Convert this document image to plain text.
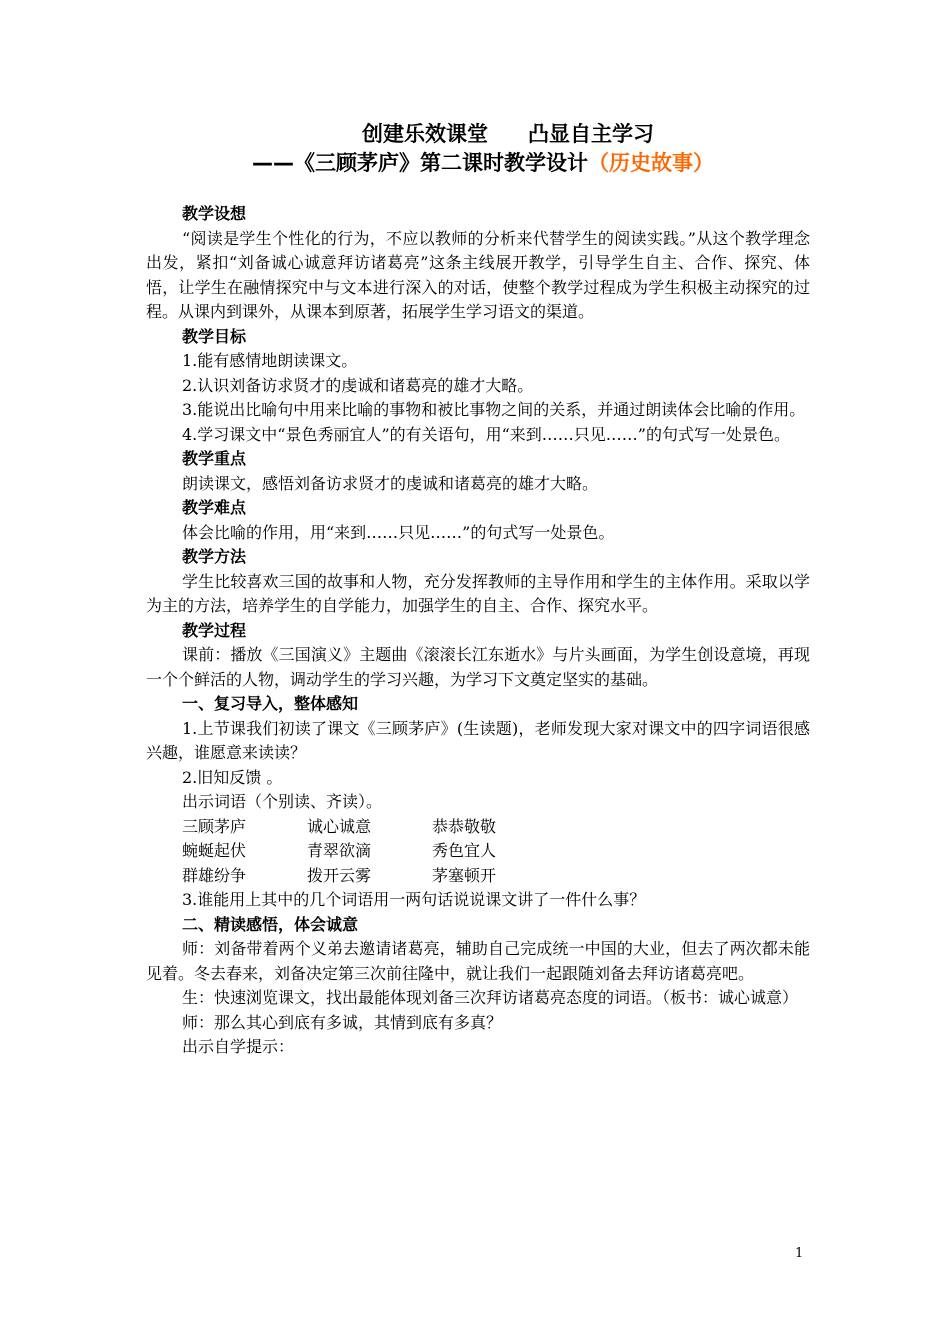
创建乐效课堂 凸显自主学习
——《三顾茅庐》第二课时教学设计（历史故事）
教学设想
“阅读是学生个性化的行为，不应以教师的分析来代替学生的阅读实践。”从这个教学理念出发，紧扣“刘备诚心诚意拜访诸葛亮”这条主线展开教学，引导学生自主、合作、探究、体悟，让学生在融情探究中与文本进行深入的对话，使整个教学过程成为学生积极主动探究的过程。从课内到课外，从课本到原著，拓展学生学习语文的渠道。
教学目标
1.能有感情地朗读课文。
2.认识刘备访求贤才的虔诚和诸葛亮的雄才大略。
3.能说出比喻句中用来比喻的事物和被比事物之间的关系，并通过朗读体会比喻的作用。
4.学习课文中“景色秀丽宜人”的有关语句，用“来到……只见……”的句式写一处景色。
教学重点
朗读课文，感悟刘备访求贤才的虔诚和诸葛亮的雄才大略。
教学难点
体会比喻的作用，用“来到……只见……”的句式写一处景色。
教学方法
学生比较喜欢三国的故事和人物，充分发挥教师的主导作用和学生的主体作用。采取以学为主的方法，培养学生的自学能力，加强学生的自主、合作、探究水平。
教学过程
课前：播放《三国演义》主题曲《滚滚长江东逝水》与片头画面，为学生创设意境，再现一个个鲜活的人物，调动学生的学习兴趣，为学习下文奠定坚实的基础。
一、复习导入，整体感知
1.上节课我们初读了课文《三顾茅庐》(生读题)，老师发现大家对课文中的四字词语很感兴趣，谁愿意来读读？
2.旧知反馈 。
出示词语（个别读、齐读）。
三顾茅庐	诚心诚意	恭恭敬敬
蜿蜒起伏	青翠欲滴	秀色宜人
群雄纷争	拨开云雾	茅塞顿开
3.谁能用上其中的几个词语用一两句话说说课文讲了一件什么事？
二、精读感悟，体会诚意
师：刘备带着两个义弟去邀请诸葛亮，辅助自己完成统一中国的大业，但去了两次都未能见着。冬去春来，刘备决定第三次前往隆中，就让我们一起跟随刘备去拜访诸葛亮吧。
生：快速浏览课文，找出最能体现刘备三次拜访诸葛亮态度的词语。（板书：诚心诚意）
师：那么其心到底有多诚，其情到底有多真？
出示自学提示：
1
